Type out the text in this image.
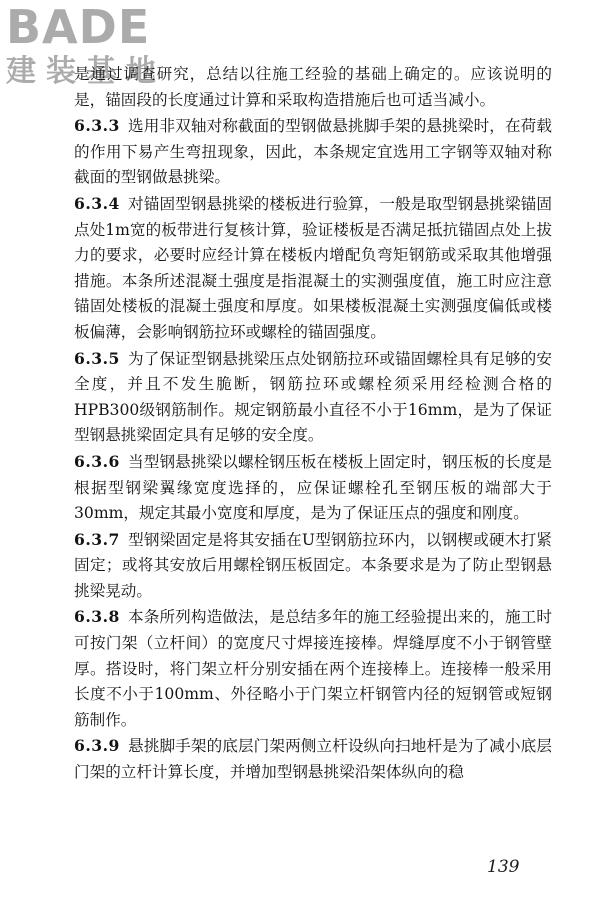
BADE
建装基地

是通过调查研究，总结以往施工经验的基础上确定的。应该说明的是，锚固段的长度通过计算和采取构造措施后也可适当减小。

6.3.3 选用非双轴对称截面的型钢做悬挑脚手架的悬挑梁时，在荷载的作用下易产生弯扭现象，因此，本条规定宜选用工字钢等双轴对称截面的型钢做悬挑梁。

6.3.4 对锚固型钢悬挑梁的楼板进行验算，一般是取型钢悬挑梁锚固点处1m宽的板带进行复核计算，验证楼板是否满足抵抗锚固点处上拔力的要求，必要时应经计算在楼板内增配负弯矩钢筋或采取其他增强措施。本条所述混凝土强度是指混凝土的实测强度值，施工时应注意锚固处楼板的混凝土强度和厚度。如果楼板混凝土实测强度偏低或楼板偏薄，会影响钢筋拉环或螺栓的锚固强度。

6.3.5 为了保证型钢悬挑梁压点处钢筋拉环或锚固螺栓具有足够的安全度，并且不发生脆断，钢筋拉环或螺栓须采用经检测合格的HPB300级钢筋制作。规定钢筋最小直径不小于16mm，是为了保证型钢悬挑梁固定具有足够的安全度。

6.3.6 当型钢悬挑梁以螺栓钢压板在楼板上固定时，钢压板的长度是根据型钢梁翼缘宽度选择的，应保证螺栓孔至钢压板的端部大于30mm，规定其最小宽度和厚度，是为了保证压点的强度和刚度。

6.3.7 型钢梁固定是将其安插在U型钢筋拉环内，以钢楔或硬木打紧固定；或将其安放后用螺栓钢压板固定。本条要求是为了防止型钢悬挑梁晃动。

6.3.8 本条所列构造做法，是总结多年的施工经验提出来的，施工时可按门架（立杆间）的宽度尺寸焊接连接棒。焊缝厚度不小于钢管壁厚。搭设时，将门架立杆分别安插在两个连接棒上。连接棒一般采用长度不小于100mm、外径略小于门架立杆钢管内径的短钢管或短钢筋制作。

6.3.9 悬挑脚手架的底层门架两侧立杆设纵向扫地杆是为了减小底层门架的立杆计算长度，并增加型钢悬挑梁沿架体纵向的稳

139
